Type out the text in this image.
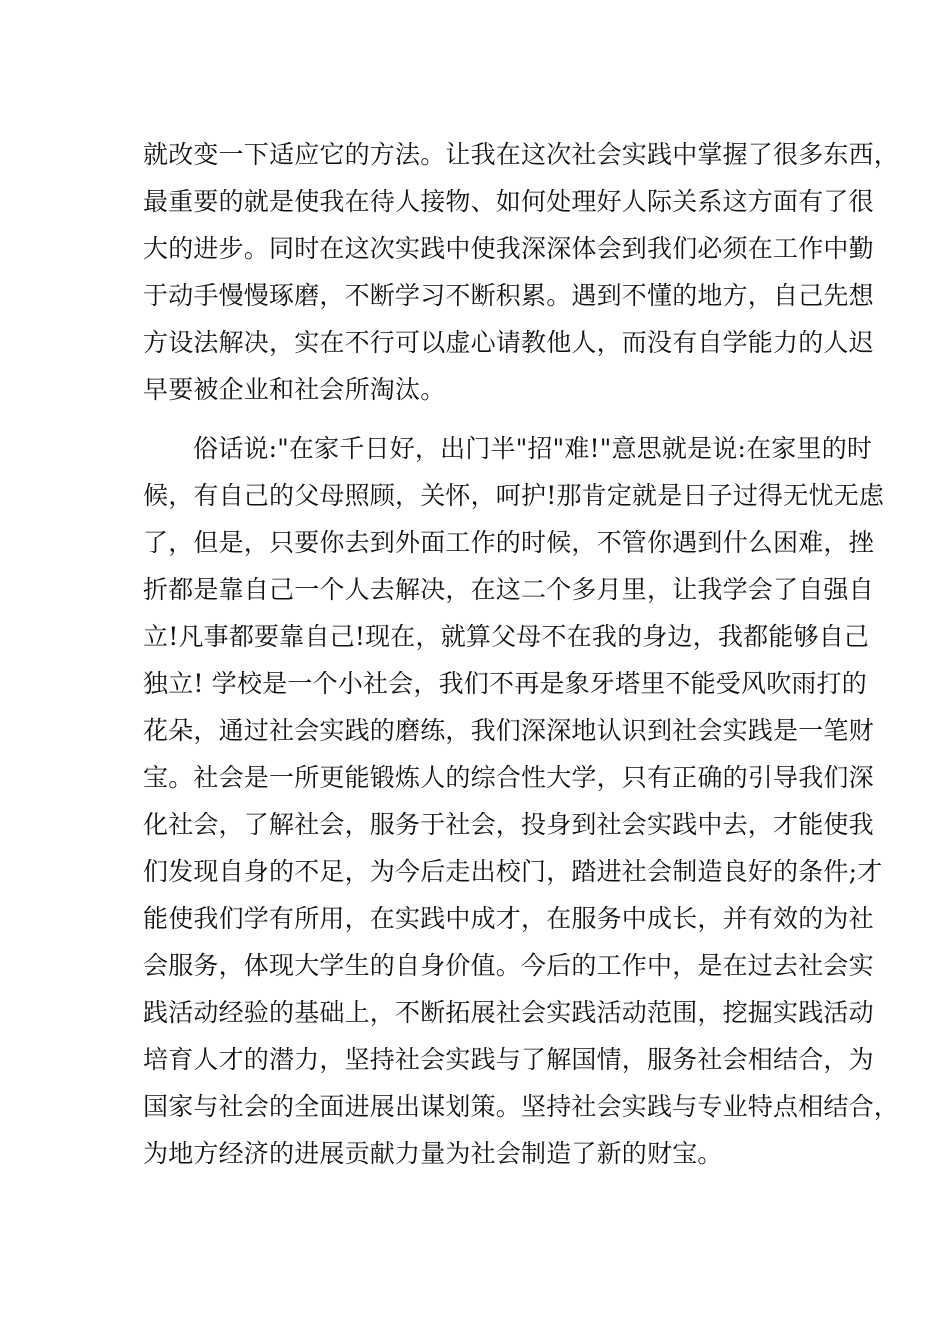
就改变一下适应它的方法。让我在这次社会实践中掌握了很多东西，
最重要的就是使我在待人接物、如何处理好人际关系这方面有了很
大的进步。同时在这次实践中使我深深体会到我们必须在工作中勤
于动手慢慢琢磨，不断学习不断积累。遇到不懂的地方，自己先想
方设法解决，实在不行可以虚心请教他人，而没有自学能力的人迟
早要被企业和社会所淘汰。
俗话说:"在家千日好，出门半"招"难!"意思就是说:在家里的时
候，有自己的父母照顾，关怀，呵护!那肯定就是日子过得无忧无虑
了，但是，只要你去到外面工作的时候，不管你遇到什么困难，挫
折都是靠自己一个人去解决，在这二个多月里，让我学会了自强自
立!凡事都要靠自己!现在，就算父母不在我的身边，我都能够自己
独立! 学校是一个小社会，我们不再是象牙塔里不能受风吹雨打的
花朵，通过社会实践的磨练，我们深深地认识到社会实践是一笔财
宝。社会是一所更能锻炼人的综合性大学，只有正确的引导我们深
化社会，了解社会，服务于社会，投身到社会实践中去，才能使我
们发现自身的不足，为今后走出校门，踏进社会制造良好的条件;才
能使我们学有所用，在实践中成才，在服务中成长，并有效的为社
会服务，体现大学生的自身价值。今后的工作中，是在过去社会实
践活动经验的基础上，不断拓展社会实践活动范围，挖掘实践活动
培育人才的潜力，坚持社会实践与了解国情，服务社会相结合，为
国家与社会的全面进展出谋划策。坚持社会实践与专业特点相结合，
为地方经济的进展贡献力量为社会制造了新的财宝。
